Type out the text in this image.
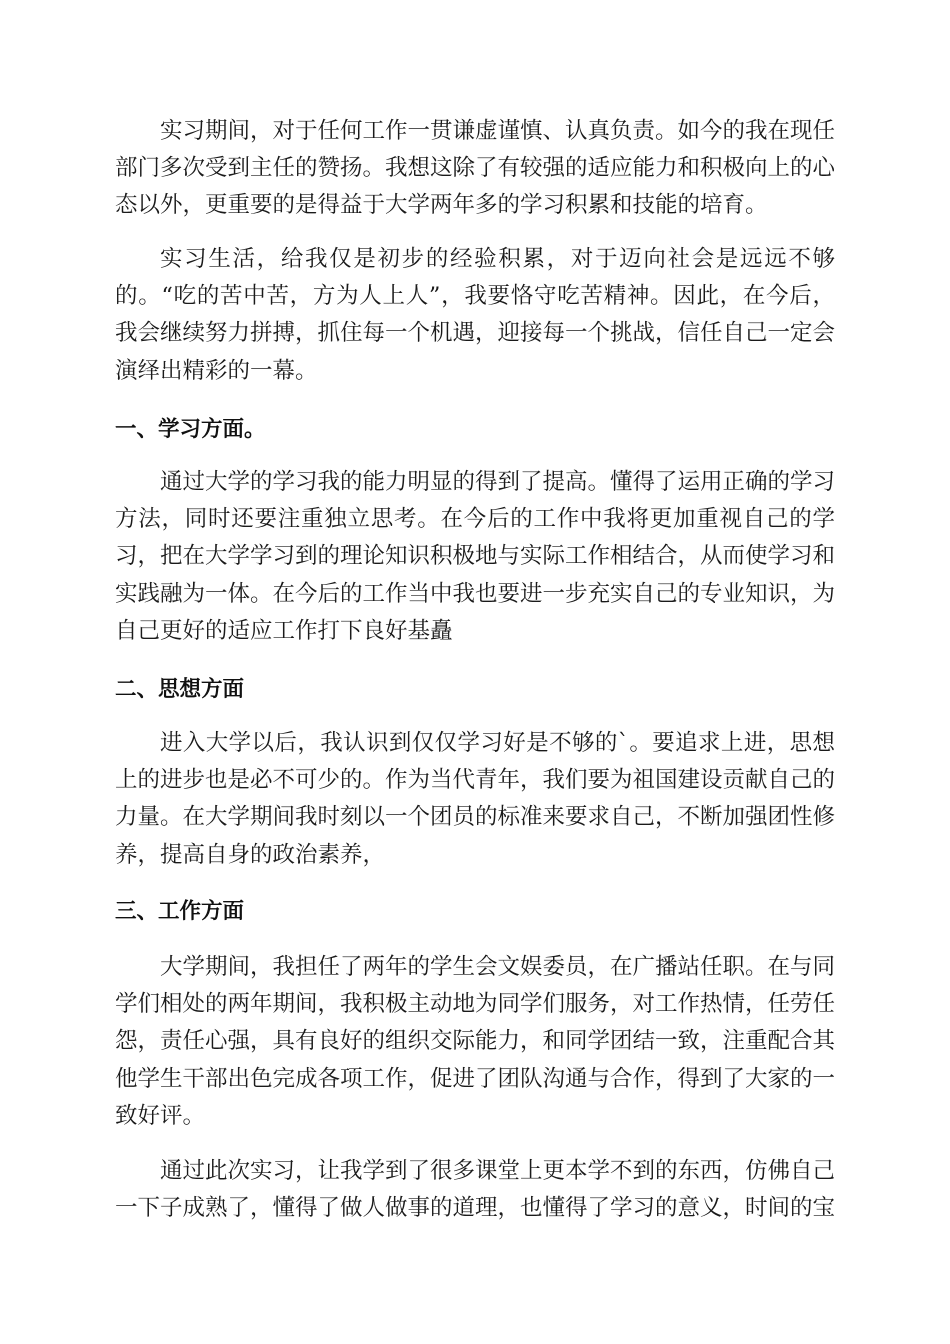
实习期间，对于任何工作一贯谦虚谨慎、认真负责。如今的我在现任部门多次受到主任的赞扬。我想这除了有较强的适应能力和积极向上的心态以外，更重要的是得益于大学两年多的学习积累和技能的培育。

实习生活，给我仅是初步的经验积累，对于迈向社会是远远不够的。“吃的苦中苦，方为人上人”，我要恪守吃苦精神。因此，在今后，我会继续努力拼搏，抓住每一个机遇，迎接每一个挑战，信任自己一定会演绎出精彩的一幕。

一、学习方面。

通过大学的学习我的能力明显的得到了提高。懂得了运用正确的学习方法，同时还要注重独立思考。在今后的工作中我将更加重视自己的学习，把在大学学习到的理论知识积极地与实际工作相结合，从而使学习和实践融为一体。在今后的工作当中我也要进一步充实自己的专业知识，为自己更好的适应工作打下良好基矗

二、思想方面

进入大学以后，我认识到仅仅学习好是不够的`。要追求上进，思想上的进步也是必不可少的。作为当代青年，我们要为祖国建设贡献自己的力量。在大学期间我时刻以一个团员的标准来要求自己，不断加强团性修养，提高自身的政治素养，

三、工作方面

大学期间，我担任了两年的学生会文娱委员，在广播站任职。在与同学们相处的两年期间，我积极主动地为同学们服务，对工作热情，任劳任怨，责任心强，具有良好的组织交际能力，和同学团结一致，注重配合其他学生干部出色完成各项工作，促进了团队沟通与合作，得到了大家的一致好评。

通过此次实习，让我学到了很多课堂上更本学不到的东西，仿佛自己一下子成熟了，懂得了做人做事的道理，也懂得了学习的意义，时间的宝
